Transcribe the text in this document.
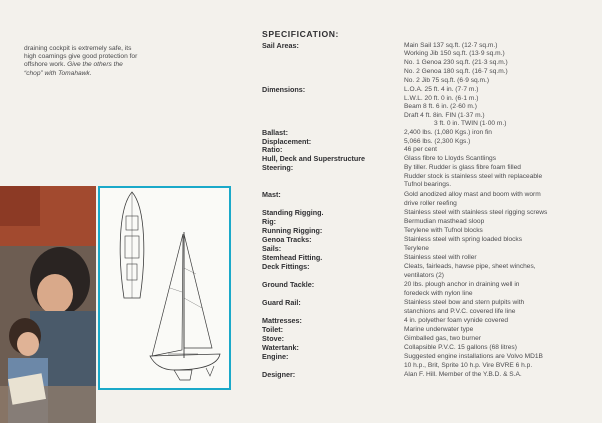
draining cockpit is extremely safe, its
high coamings give good protection for
offshore work. Give the others the
“chop” with Tomahawk.
SPECIFICATION:
Sail Areas:
Dimensions:
Ballast:
Displacement:
Ratio:
Hull, Deck and Superstructure
Steering:
Mast:
Standing Rigging.
Rig:
Running Rigging:
Genoa Tracks:
Sails:
Stemhead Fitting.
Deck Fittings:
Ground Tackle:
Guard Rail:
Mattresses:
Toilet:
Stove:
Watertank:
Engine:
Designer:
Main Sail 137 sq.ft. (12·7 sq.m.)
Working Jib 150 sq.ft. (13·9 sq.m.)
No. 1 Genoa 230 sq.ft. (21·3 sq.m.)
No. 2 Genoa 180 sq.ft. (16·7 sq.m.)
No. 2 Jib 75 sq.ft. (6·9 sq.m.)
L.O.A. 25 ft. 4 in. (7·7 m.)
L.W.L. 20 ft. 0 in. (6·1 m.)
Beam 8 ft. 6 in. (2·60 m.)
Draft 4 ft. 8in. FIN (1·37 m.)
3 ft. 0 in. TWIN (1·00 m.)
2,400 lbs. (1,080 Kgs.) iron fin
5,066 lbs. (2,300 Kgs.)
46 per cent
Glass fibre to Lloyds Scantlings
By tiller. Rudder is glass fibre foam filled
Rudder stock is stainless steel with replaceable
Tufnol bearings.
Gold anodized alloy mast and boom with worm
drive roller reefing
Stainless steel with stainless steel rigging screws
Bermudian masthead sloop
Terylene with Tufnol blocks
Stainless steel with spring loaded blocks
Terylene
Stainless steel with roller
Cleats, fairleads, hawse pipe, sheet winches,
ventilators (2)
20 lbs. plough anchor in draining well in
foredeck with nylon line
Stainless steel bow and stern pulpits with
stanchions and P.V.C. covered life line
4 in. polyether foam vynide covered
Marine underwater type
Gimballed gas, two burner
Collapsible P.V.C. 15 gallons (68 litres)
Suggested engine installations are Volvo MD1B
10 h.p., Brit, Sprite 10 h.p. Vire BVRE 6 h.p.
Alan F. Hill. Member of the Y.B.D. & S.A.
